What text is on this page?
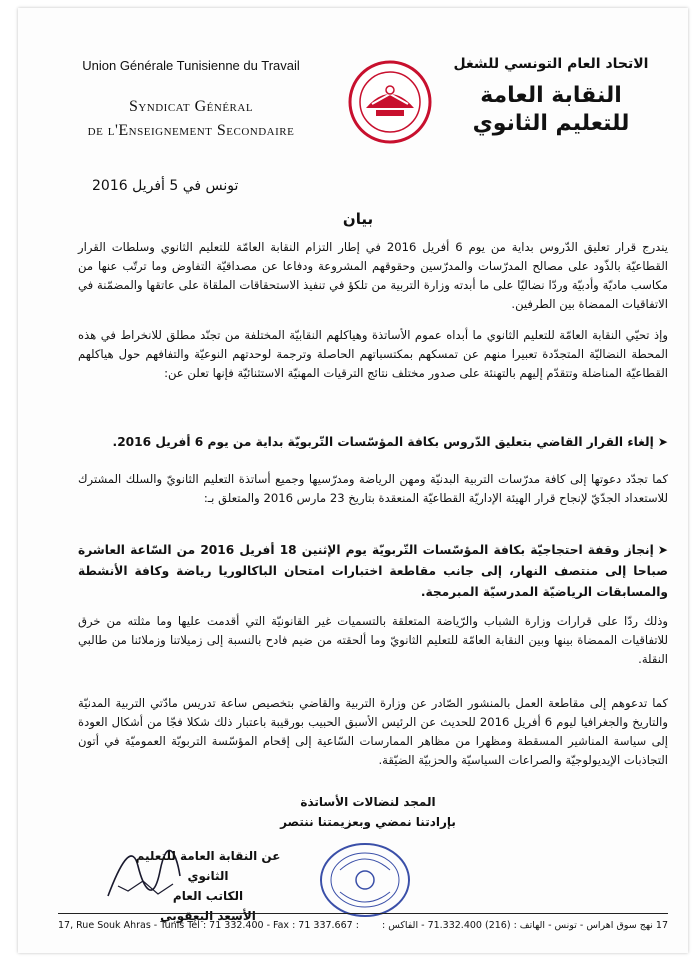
Union Générale Tunisienne du Travail
Syndicat Général
de l'Enseignement Secondaire
الاتحاد العام التونسي للشغل
النقابة العامة
للتعليم الثانوي
تونس في 5 أفريل 2016
بيان

يندرج قرار تعليق الدّروس بداية من يوم 6 أفريل 2016 في إطار التزام النقابة العامّة للتعليم الثانوي وسلطات القرار القطاعيّة بالذّود على مصالح المدرّسات والمدرّسين وحقوقهم المشروعة ودفاعا عن مصداقيّة التفاوض وما ترتّب عنها من مكاسب ماديّة وأدبيّة وردّا نضاليّا على ما أبدته وزارة التربية من تلكؤ في تنفيذ الاستحقاقات الملقاة على عاتقها والمضمّنة في الاتفاقيات الممضاة بين الطرفين.

وإذ تحيّي النقابة العامّة للتعليم الثانوي ما أبداه عموم الأساتذة وهياكلهم النقابيّة المختلفة من تجنّد مطلق للانخراط في هذه المحطة النضاليّة المتجدّدة تعبيرا منهم عن تمسكهم بمكتسباتهم الحاصلة وترجمة لوحدتهم النوعيّة والتفافهم حول هياكلهم القطاعيّة المناضلة وتتقدّم إليهم بالتهنئة على صدور مختلف نتائج الترقيات المهنيّة الاستثنائيّة فإنها تعلن عن:

➤إلغاء القرار القاضي بتعليق الدّروس بكافة المؤسّسات التّربويّة بداية من يوم 6 أفريل 2016.

كما تجدّد دعوتها إلى كافة مدرّسات التربية البدنيّة ومهن الرياضة ومدرّسيها وجميع أساتذة التعليم الثانويّ والسلك المشترك للاستعداد الجدّيّ لإنجاح قرار الهيئة الإداريّة القطاعيّة المنعقدة بتاريخ 23 مارس 2016 والمتعلق بـ:

➤إنجاز وقفة احتجاجيّة بكافة المؤسّسات التّربويّة يوم الإثنين 18 أفريل 2016 من السّاعة العاشرة صباحا إلى منتصف النهار، إلى جانب مقاطعة اختبارات امتحان الباكالوريا رياضة وكافة الأنشطة والمسابقات الرياضيّة المدرسيّة المبرمجة.

وذلك ردّا على قرارات وزارة الشباب والرّياضة المتعلقة بالتسميات غير القانونيّة التي أقدمت عليها وما مثلته من خرق للاتفاقيات الممضاة بينها وبين النقابة العامّة للتعليم الثانويّ وما ألحقته من ضيم فادح بالنسبة إلى زميلاتنا وزملائنا من طالبي النقلة.

كما تدعوهم إلى مقاطعة العمل بالمنشور الصّادر عن وزارة التربية والقاضي بتخصيص ساعة تدريس مادّتي التربية المدنيّة والتاريخ والجغرافيا ليوم 6 أفريل 2016 للحديث عن الرئيس الأسبق الحبيب بورقيبة باعتبار ذلك شكلا فجّا من أشكال العودة إلى سياسة المناشير المسقطة ومظهرا من مظاهر الممارسات السّاعية إلى إقحام المؤسّسة التربويّة العموميّة في أتون التجاذبات الإيديولوجيّة والصراعات السياسيّة والحزبيّة الضيّقة.

المجد لنضالات الأساتذة
بإرادتنا نمضي وبعزيمتنا ننتصر
عن النقابة العامة للتعليم الثانوي
الكاتب العام
الأسعد اليعقوبي
17, Rue Souk Ahras - Tunis Tél : 71 332.400 - Fax : 71 337.667 : 17 نهج سوق اهراس - تونس - الهاتف : (216) 71.332.400 - الفاكس :
